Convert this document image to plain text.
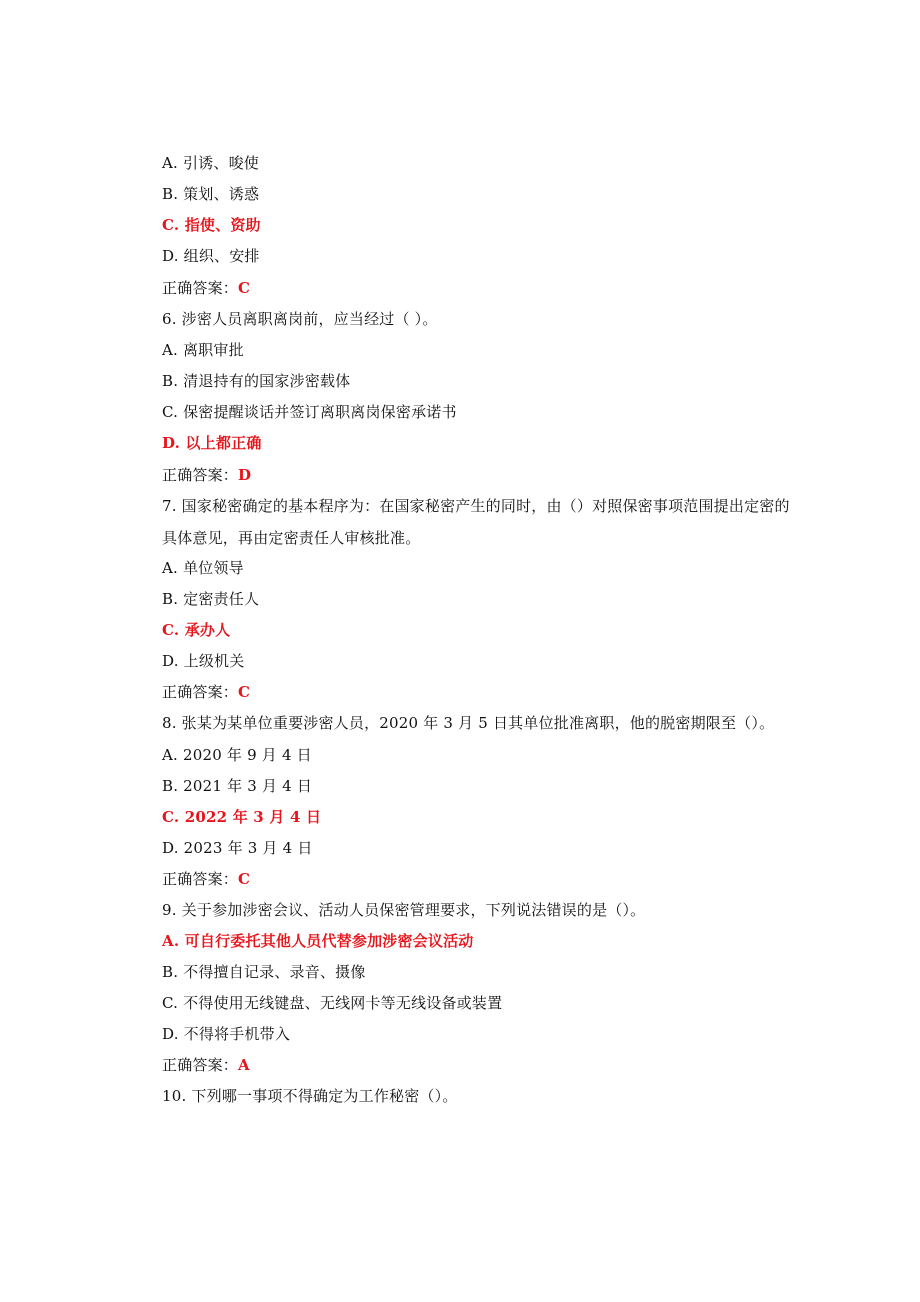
A. 引诱、唆使
B. 策划、诱惑
C. 指使、资助
D. 组织、安排
正确答案：C
6. 涉密人员离职离岗前，应当经过（ ）。
A. 离职审批
B. 清退持有的国家涉密载体
C. 保密提醒谈话并签订离职离岗保密承诺书
D. 以上都正确
正确答案：D
7. 国家秘密确定的基本程序为：在国家秘密产生的同时，由（）对照保密事项范围提出定密的具体意见，再由定密责任人审核批准。
A. 单位领导
B. 定密责任人
C. 承办人
D. 上级机关
正确答案：C
8. 张某为某单位重要涉密人员，2020 年 3 月 5 日其单位批准离职，他的脱密期限至（）。
A. 2020 年 9 月 4 日
B. 2021 年 3 月 4 日
C. 2022 年 3 月 4 日
D. 2023 年 3 月 4 日
正确答案：C
9. 关于参加涉密会议、活动人员保密管理要求，下列说法错误的是（）。
A. 可自行委托其他人员代替参加涉密会议活动
B. 不得擅自记录、录音、摄像
C. 不得使用无线键盘、无线网卡等无线设备或装置
D. 不得将手机带入
正确答案：A
10. 下列哪一事项不得确定为工作秘密（）。
